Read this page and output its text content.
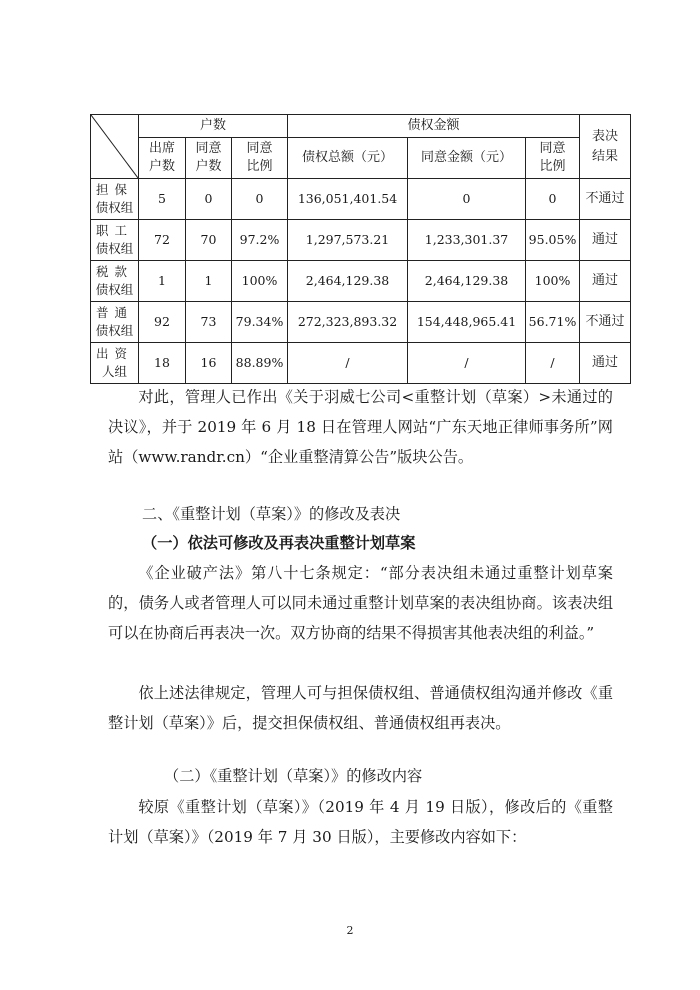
	户数			债权金额			表决结果
	出席户数	同意户数	同意比例	债权总额（元）	同意金额（元）	同意比例	

担保
债权组	5	0	0	136,051,401.54	0	0	不通过

职工
债权组	72	70	97.2%	1,297,573.21	1,233,301.37	95.05%	通过

税款
债权组	1	1	100%	2,464,129.38	2,464,129.38	100%	通过

普通
债权组	92	73	79.34%	272,323,893.32	154,448,965.41	56.71%	不通过

出资
人组	18	16	88.89%	/	/	/	通过
对此，管理人已作出《关于羽威七公司<重整计划（草案）>未通过的决议》，并于 2019 年 6 月 18 日在管理人网站“广东天地正律师事务所”网站（www.randr.cn）“企业重整清算公告”版块公告。
二、《重整计划（草案）》的修改及表决
（一）依法可修改及再表决重整计划草案
《企业破产法》第八十七条规定：“部分表决组未通过重整计划草案的，债务人或者管理人可以同未通过重整计划草案的表决组协商。该表决组可以在协商后再表决一次。双方协商的结果不得损害其他表决组的利益。”
依上述法律规定，管理人可与担保债权组、普通债权组沟通并修改《重整计划（草案）》后，提交担保债权组、普通债权组再表决。
（二）《重整计划（草案）》的修改内容
较原《重整计划（草案）》（2019 年 4 月 19 日版），修改后的《重整计划（草案）》（2019 年 7 月 30 日版），主要修改内容如下：
2
